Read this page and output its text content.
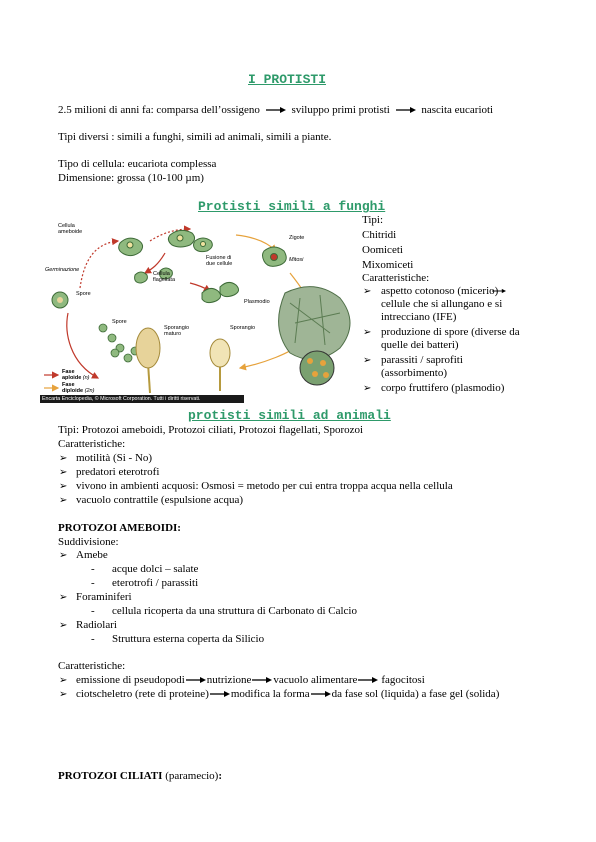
I PROTISTI
2.5 milioni di anni fa: comparsa dell’ossigeno	sviluppo primi protisti	nascita eucarioti
Tipi diversi : simili a funghi, simili ad animali, simili a piante.
Tipo di cellula: eucariota complessa
Dimensione: grossa (10-100 µm)
Protisti simili a funghi
Cellula
ameboide
Germinazione
Spore
Cellula
flagellata
Fusione di
due cellule
Zigote
Mitosi
Plasmodio
Spore
Sporangio
maturo
Sporangio
Fase
aploide (n)
Fase
diploide (2n)
Encarta Enciclopedia, © Microsoft Corporation. Tutti i diritti riservati.
Tipi:
Chitridi
Oomiceti
Mixomiceti
Caratteristiche:
➢ aspetto cotonoso (micerio)
cellule che si allungano e si
intrecciano (IFE)
➢ produzione di spore (diverse da
quelle dei batteri)
➢ parassiti / saprofiti
(assorbimento)
➢ corpo fruttifero (plasmodio)
protisti simili ad animali
Tipi: Protozoi ameboidi, Protozoi ciliati, Protozoi flagellati, Sporozoi
Caratteristiche:
➢ motilità (Si - No)
➢ predatori eterotrofi
➢ vivono in ambienti acquosi: Osmosi = metodo per cui entra troppa acqua nella cellula
➢ vacuolo contrattile (espulsione acqua)
PROTOZOI AMEBOIDI:
Suddivisione:
➢ Amebe
- acque dolci – salate
- eterotrofi / parassiti
➢ Foraminiferi
- cellula ricoperta da una struttura di Carbonato di Calcio
➢ Radiolari
- Struttura esterna coperta da Silicio
Caratteristiche:
➢ emissione di pseudopodi nutrizione vacuolo alimentare fagocitosi
➢ ciotscheletro (rete di proteine) modifica la forma da fase sol (liquida) a fase gel (solida)
PROTOZOI CILIATI (paramecio):
